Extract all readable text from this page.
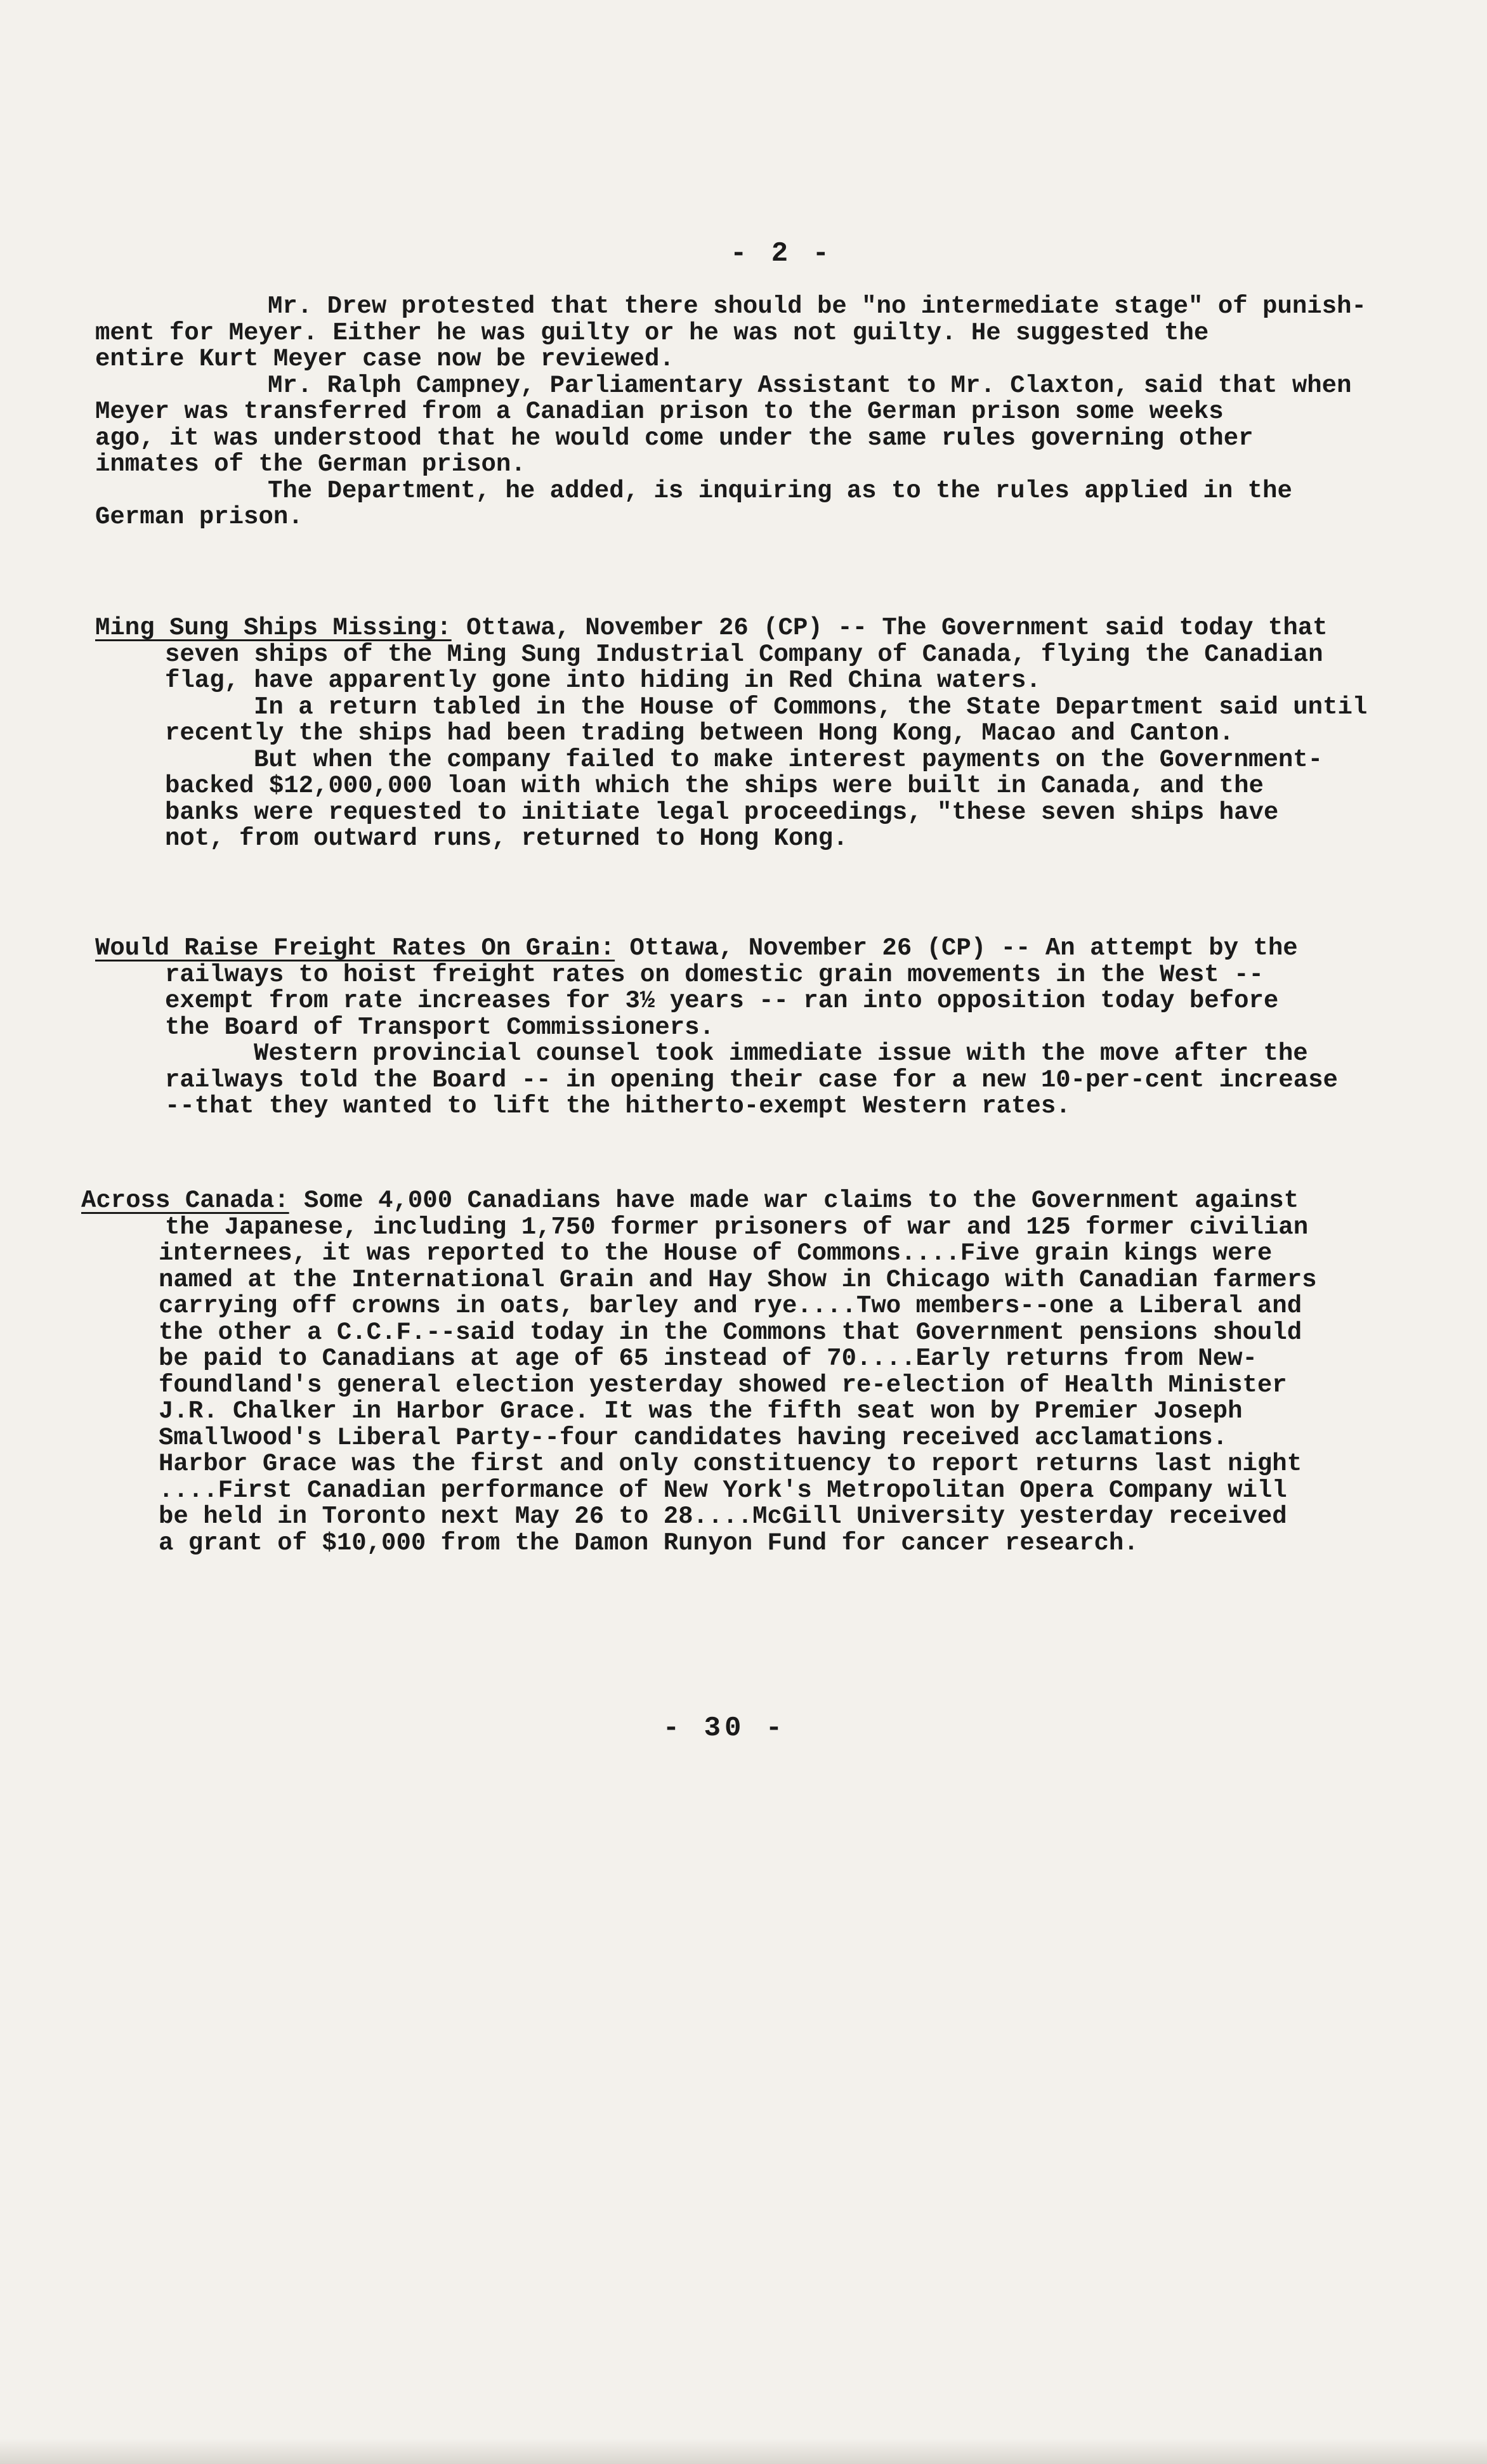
- 2 -
Mr. Drew protested that there should be "no intermediate stage" of punish-
ment for Meyer. Either he was guilty or he was not guilty. He suggested the
entire Kurt Meyer case now be reviewed.
Mr. Ralph Campney, Parliamentary Assistant to Mr. Claxton, said that when
Meyer was transferred from a Canadian prison to the German prison some weeks
ago, it was understood that he would come under the same rules governing other
inmates of the German prison.
The Department, he added, is inquiring as to the rules applied in the
German prison.
Ming Sung Ships Missing: Ottawa, November 26 (CP) -- The Government said today that
seven ships of the Ming Sung Industrial Company of Canada, flying the Canadian
flag, have apparently gone into hiding in Red China waters.
In a return tabled in the House of Commons, the State Department said until
recently the ships had been trading between Hong Kong, Macao and Canton.
But when the company failed to make interest payments on the Government-
backed $12,000,000 loan with which the ships were built in Canada, and the
banks were requested to initiate legal proceedings, "these seven ships have
not, from outward runs, returned to Hong Kong.
Would Raise Freight Rates On Grain: Ottawa, November 26 (CP) -- An attempt by the
railways to hoist freight rates on domestic grain movements in the West --
exempt from rate increases for 3½ years -- ran into opposition today before
the Board of Transport Commissioners.
Western provincial counsel took immediate issue with the move after the
railways told the Board -- in opening their case for a new 10-per-cent increase
--that they wanted to lift the hitherto-exempt Western rates.
Across Canada: Some 4,000 Canadians have made war claims to the Government against
the Japanese, including 1,750 former prisoners of war and 125 former civilian
internees, it was reported to the House of Commons....Five grain kings were
named at the International Grain and Hay Show in Chicago with Canadian farmers
carrying off crowns in oats, barley and rye....Two members--one a Liberal and
the other a C.C.F.--said today in the Commons that Government pensions should
be paid to Canadians at age of 65 instead of 70....Early returns from New-
foundland's general election yesterday showed re-election of Health Minister
J.R. Chalker in Harbor Grace. It was the fifth seat won by Premier Joseph
Smallwood's Liberal Party--four candidates having received acclamations.
Harbor Grace was the first and only constituency to report returns last night
....First Canadian performance of New York's Metropolitan Opera Company will
be held in Toronto next May 26 to 28....McGill University yesterday received
a grant of $10,000 from the Damon Runyon Fund for cancer research.
- 30 -
